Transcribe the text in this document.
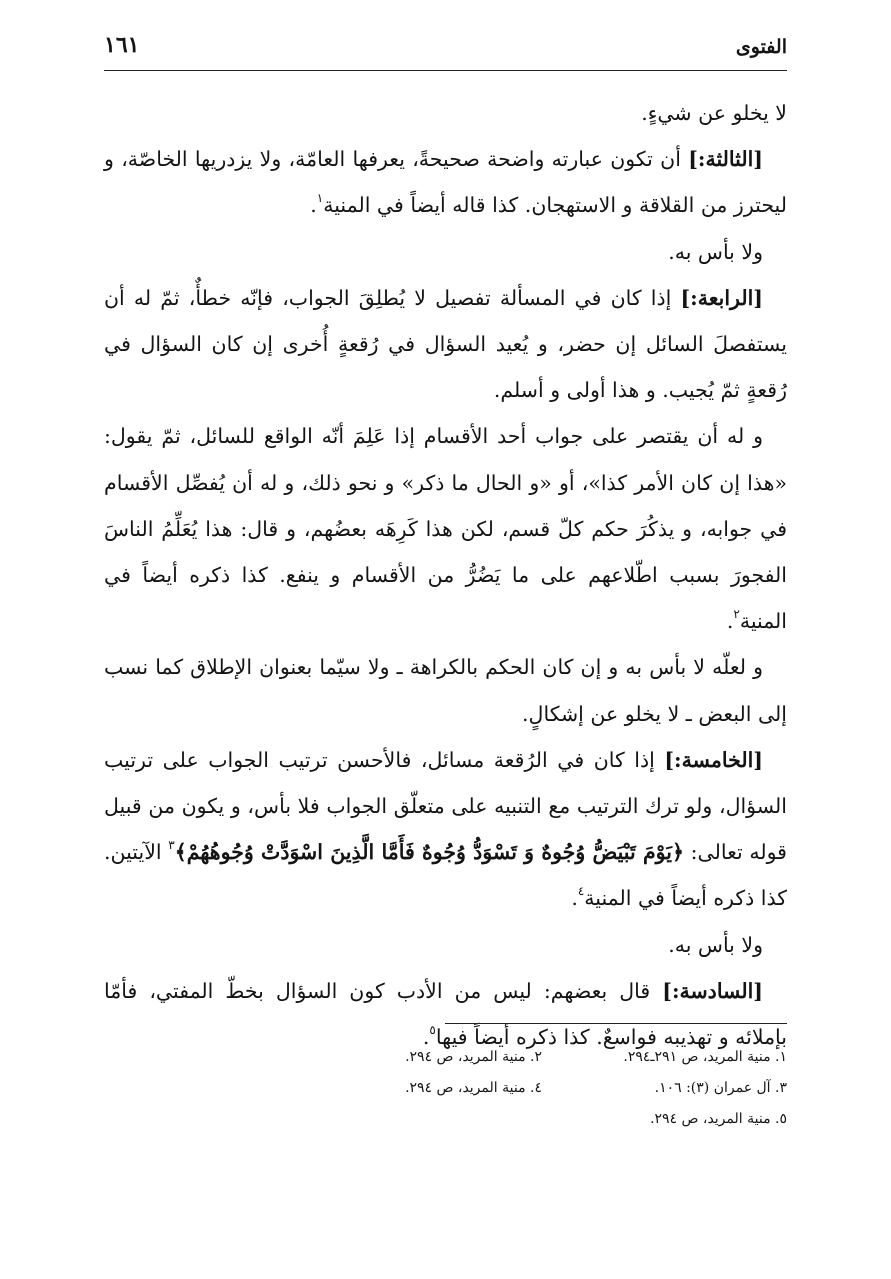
الفتوى
١٦١

لا يخلو عن شيءٍ.

[الثالثة:] أن تكون عبارته واضحة صحيحةً، يعرفها العامّة، ولا يزدريها الخاصّة، و ليحترز من القلاقة و الاستهجان. كذا قاله أيضاً في المنية$^١$.

ولا بأس به.

[الرابعة:] إذا كان في المسألة تفصيل لا يُطلِقَ الجواب، فإنّه خطأٌ، ثمّ له أن يستفصلَ السائل إن حضر، و يُعيد السؤال في رُقعةٍ أُخرى إن كان السؤال في رُقعةٍ ثمّ يُجيب. و هذا أولى و أسلم.

و له أن يقتصر على جواب أحد الأقسام إذا عَلِمَ أنّه الواقع للسائل، ثمّ يقول: «هذا إن كان الأمر كذا»، أو «و الحال ما ذكر» و نحو ذلك، و له أن يُفصِّل الأقسام في جوابه، و يذكُرَ حكم كلّ قسم، لكن هذا كَرِهَه بعضُهم، و قال: هذا يُعَلِّمُ الناسَ الفجورَ بسبب اطّلاعهم على ما يَضُرُّ من الأقسام و ينفع. كذا ذكره أيضاً في المنية$^٢$.

و لعلّه لا بأس به و إن كان الحكم بالكراهة ـ ولا سيّما بعنوان الإطلاق كما نسب إلى البعض ـ لا يخلو عن إشكالٍ.

[الخامسة:] إذا كان في الرُقعة مسائل، فالأحسن ترتيب الجواب على ترتيب السؤال، ولو ترك الترتيب مع التنبيه على متعلّق الجواب فلا بأس، و يكون من قبيل قوله تعالى: ﴿يَوْمَ تَبْيَضُّ وُجُوهٌ وَ تَسْوَدُّ وُجُوهٌ فَأَمَّا الَّذِينَ اسْوَدَّتْ وُجُوهُهُمْ﴾$^٣$ الآيتين. كذا ذكره أيضاً في المنية$^٤$.

ولا بأس به.

[السادسة:] قال بعضهم: ليس من الأدب كون السؤال بخطّ المفتي، فأمّا بإملائه و تهذيبه فواسعٌ. كذا ذكره أيضاً فيها$^٥$.

١. منية المريد، ص ٢٩١ـ٢٩٤.
٣. آل عمران (٣): ١٠٦.
٥. منية المريد، ص ٢٩٤.
٢. منية المريد، ص ٢٩٤.
٤. منية المريد، ص ٢٩٤.
